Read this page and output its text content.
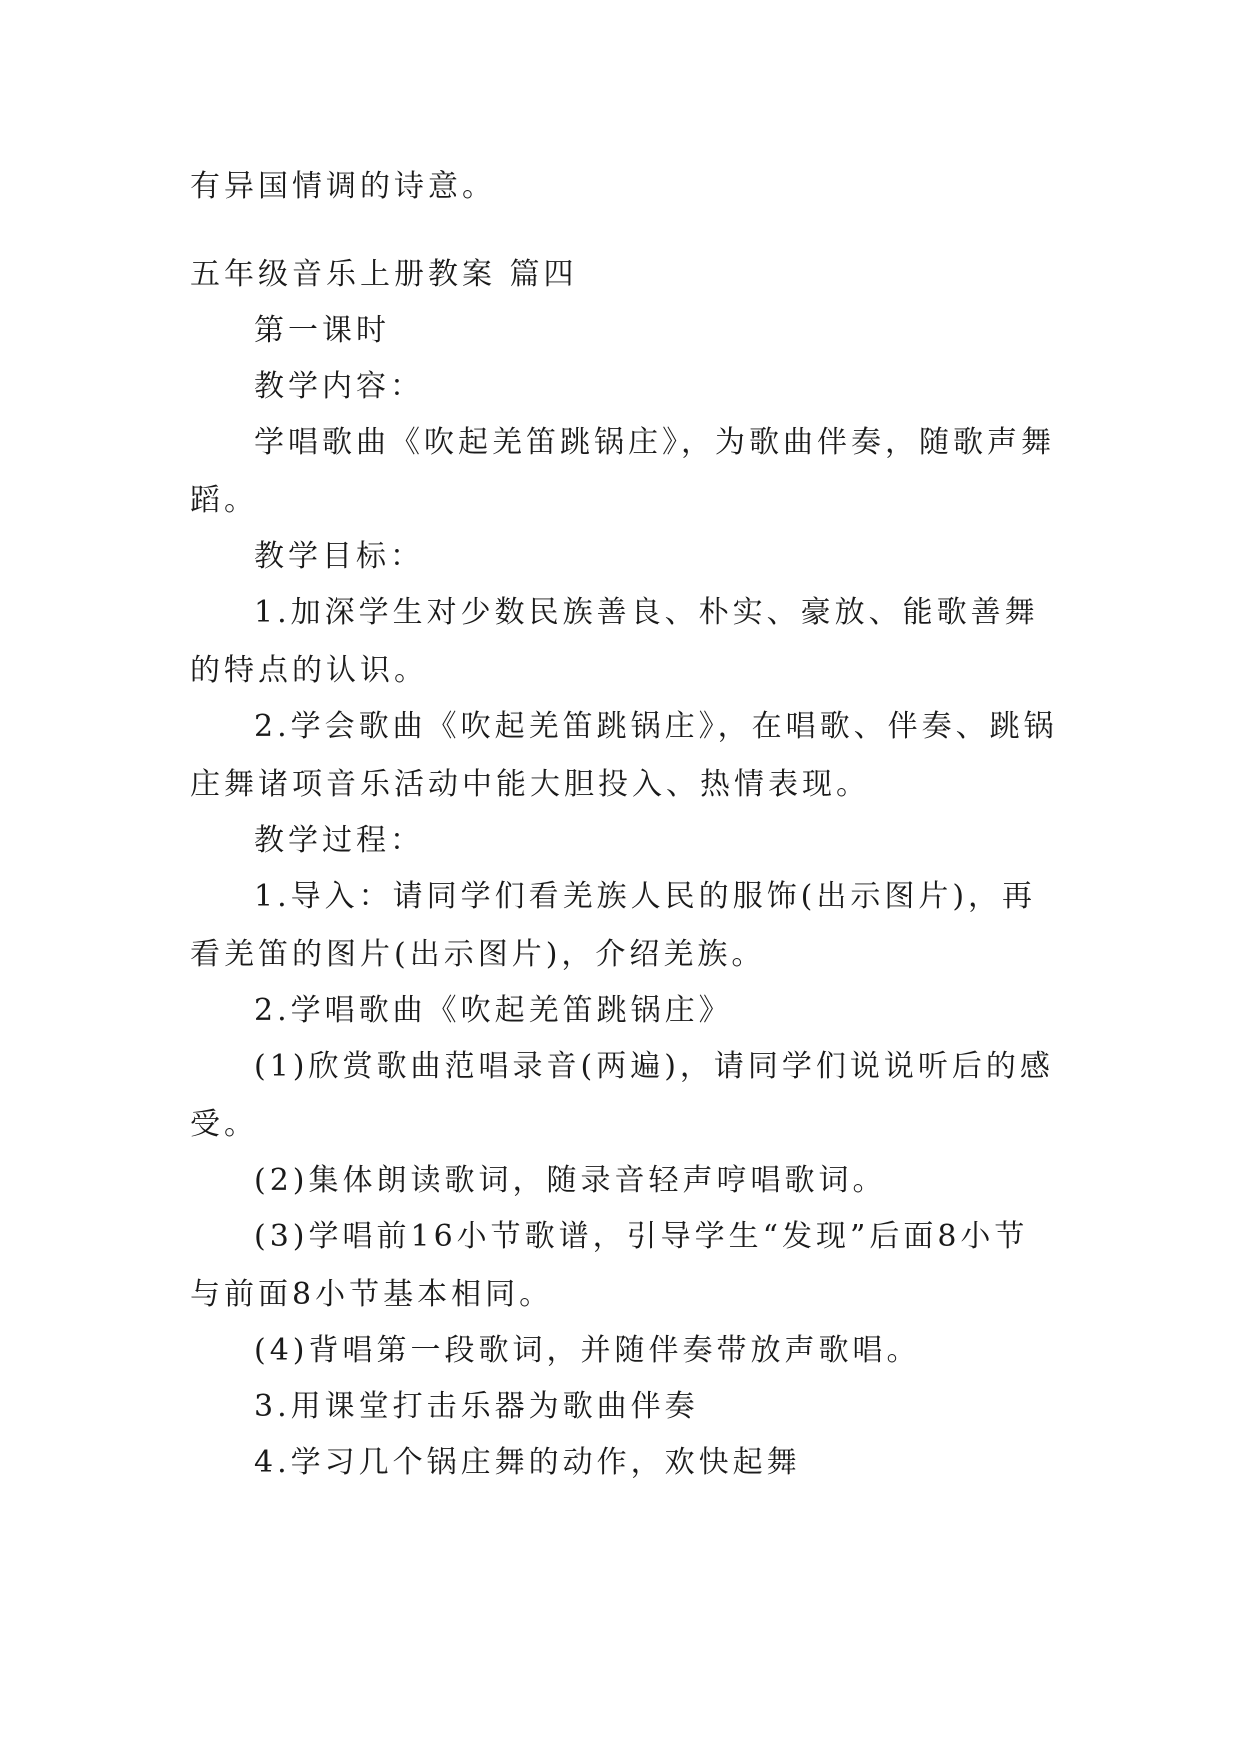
有异国情调的诗意。

五年级音乐上册教案 篇四

第一课时

教学内容：

学唱歌曲《吹起羌笛跳锅庄》，为歌曲伴奏，随歌声舞蹈。

教学目标：

1.加深学生对少数民族善良、朴实、豪放、能歌善舞的特点的认识。

2.学会歌曲《吹起羌笛跳锅庄》，在唱歌、伴奏、跳锅庄舞诸项音乐活动中能大胆投入、热情表现。

教学过程：

1.导入：请同学们看羌族人民的服饰(出示图片)，再看羌笛的图片(出示图片)，介绍羌族。

2.学唱歌曲《吹起羌笛跳锅庄》

(1)欣赏歌曲范唱录音(两遍)，请同学们说说听后的感受。

(2)集体朗读歌词，随录音轻声哼唱歌词。

(3)学唱前16小节歌谱，引导学生“发现”后面8小节与前面8小节基本相同。

(4)背唱第一段歌词，并随伴奏带放声歌唱。

3.用课堂打击乐器为歌曲伴奏

4.学习几个锅庄舞的动作，欢快起舞
